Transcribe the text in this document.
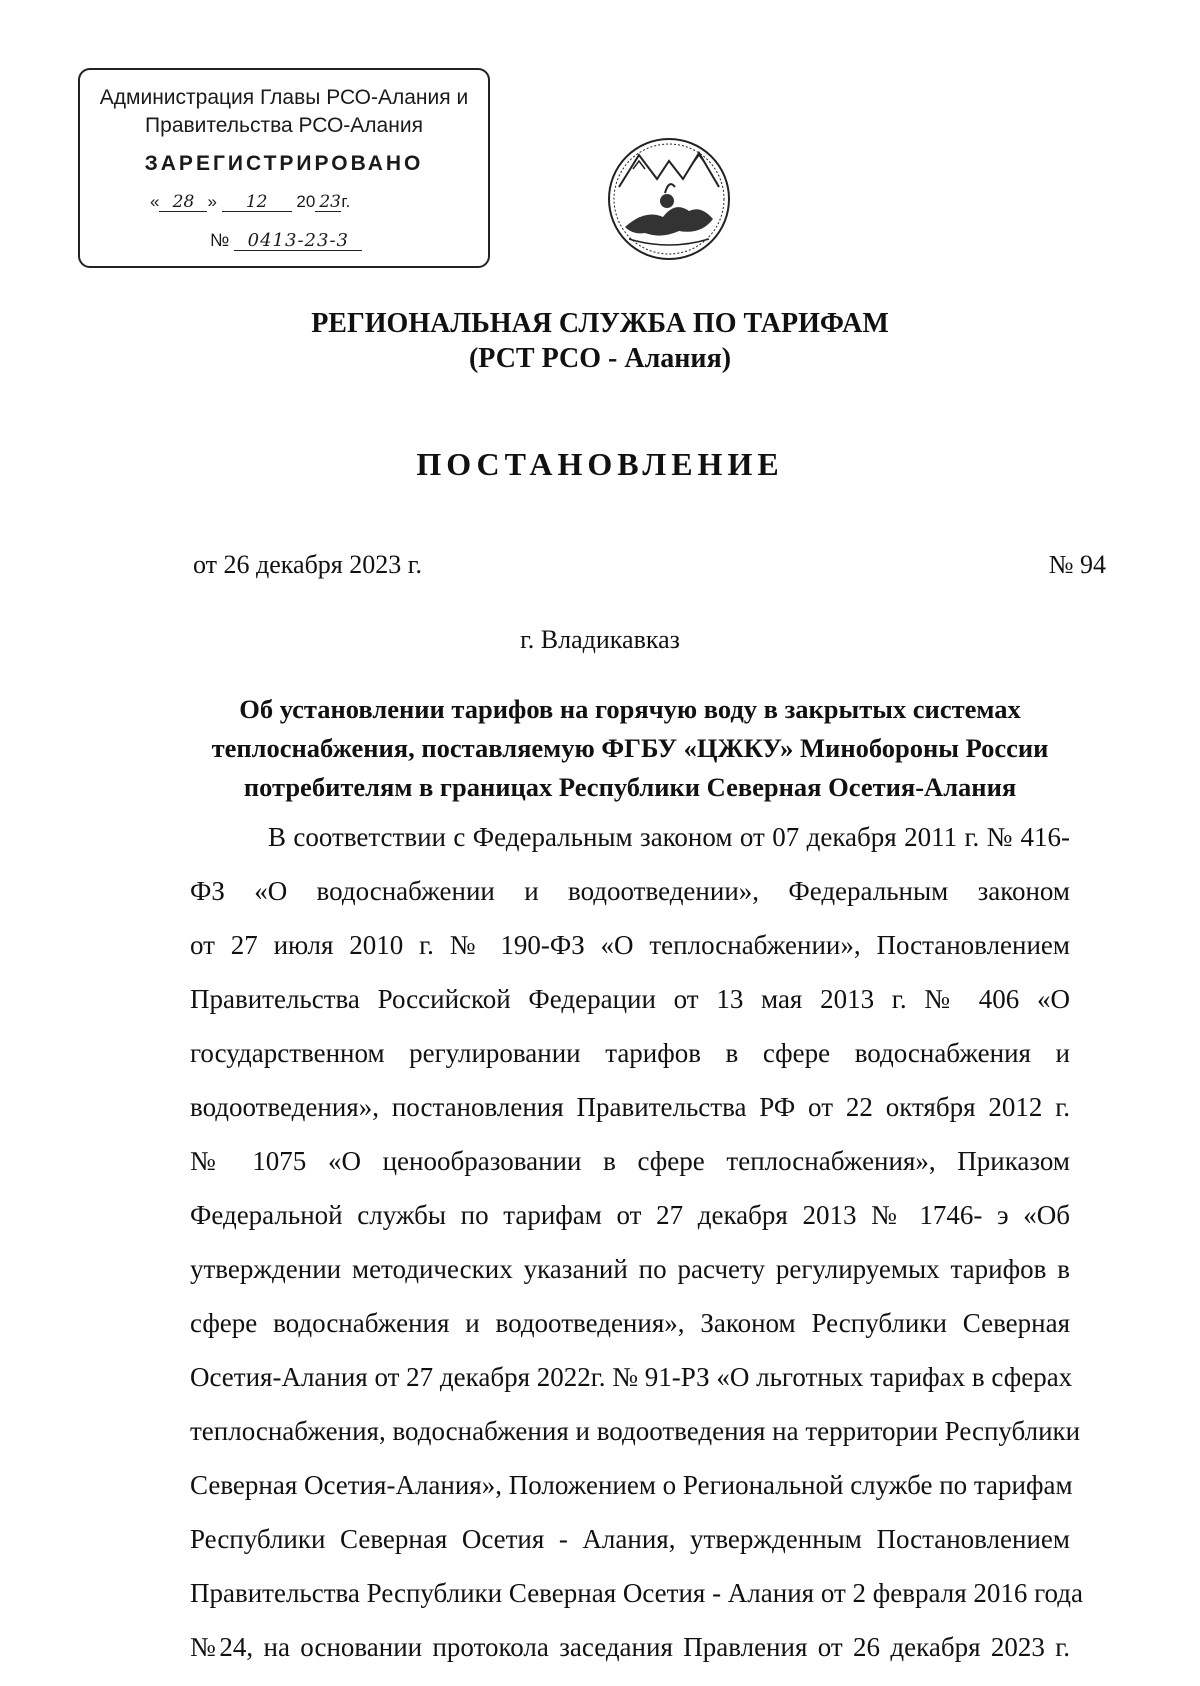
Администрация Главы РСО-Алания и
Правительства РСО-Алания
ЗАРЕГИСТРИРОВАНО
« 28 » 12 20 23г.
№ 0413-23-3
РЕГИОНАЛЬНАЯ СЛУЖБА ПО ТАРИФАМ
(РСТ РСО - Алания)
ПОСТАНОВЛЕНИЕ
от 26 декабря 2023 г.	№ 94
г. Владикавказ
Об установлении тарифов на горячую воду в закрытых системах
теплоснабжения, поставляемую ФГБУ «ЦЖКУ» Минобороны России
потребителям в границах Республики Северная Осетия-Алания
В соответствии с Федеральным законом от 07 декабря 2011 г. № 416-
ФЗ «О водоснабжении и водоотведении», Федеральным законом
от 27 июля 2010 г. № 190-ФЗ «О теплоснабжении», Постановлением
Правительства Российской Федерации от 13 мая 2013 г. № 406 «О
государственном регулировании тарифов в сфере водоснабжения и
водоотведения», постановления Правительства РФ от 22 октября 2012 г.
№ 1075 «О ценообразовании в сфере теплоснабжения», Приказом
Федеральной службы по тарифам от 27 декабря 2013 № 1746- э «Об
утверждении методических указаний по расчету регулируемых тарифов в
сфере водоснабжения и водоотведения», Законом Республики Северная
Осетия-Алания от 27 декабря 2022г. № 91-РЗ «О льготных тарифах в сферах
теплоснабжения, водоснабжения и водоотведения на территории Республики
Северная Осетия-Алания», Положением о Региональной службе по тарифам
Республики Северная Осетия - Алания, утвержденным Постановлением
Правительства Республики Северная Осетия - Алания от 2 февраля 2016 года
№24, на основании протокола заседания Правления от 26 декабря 2023 г.
